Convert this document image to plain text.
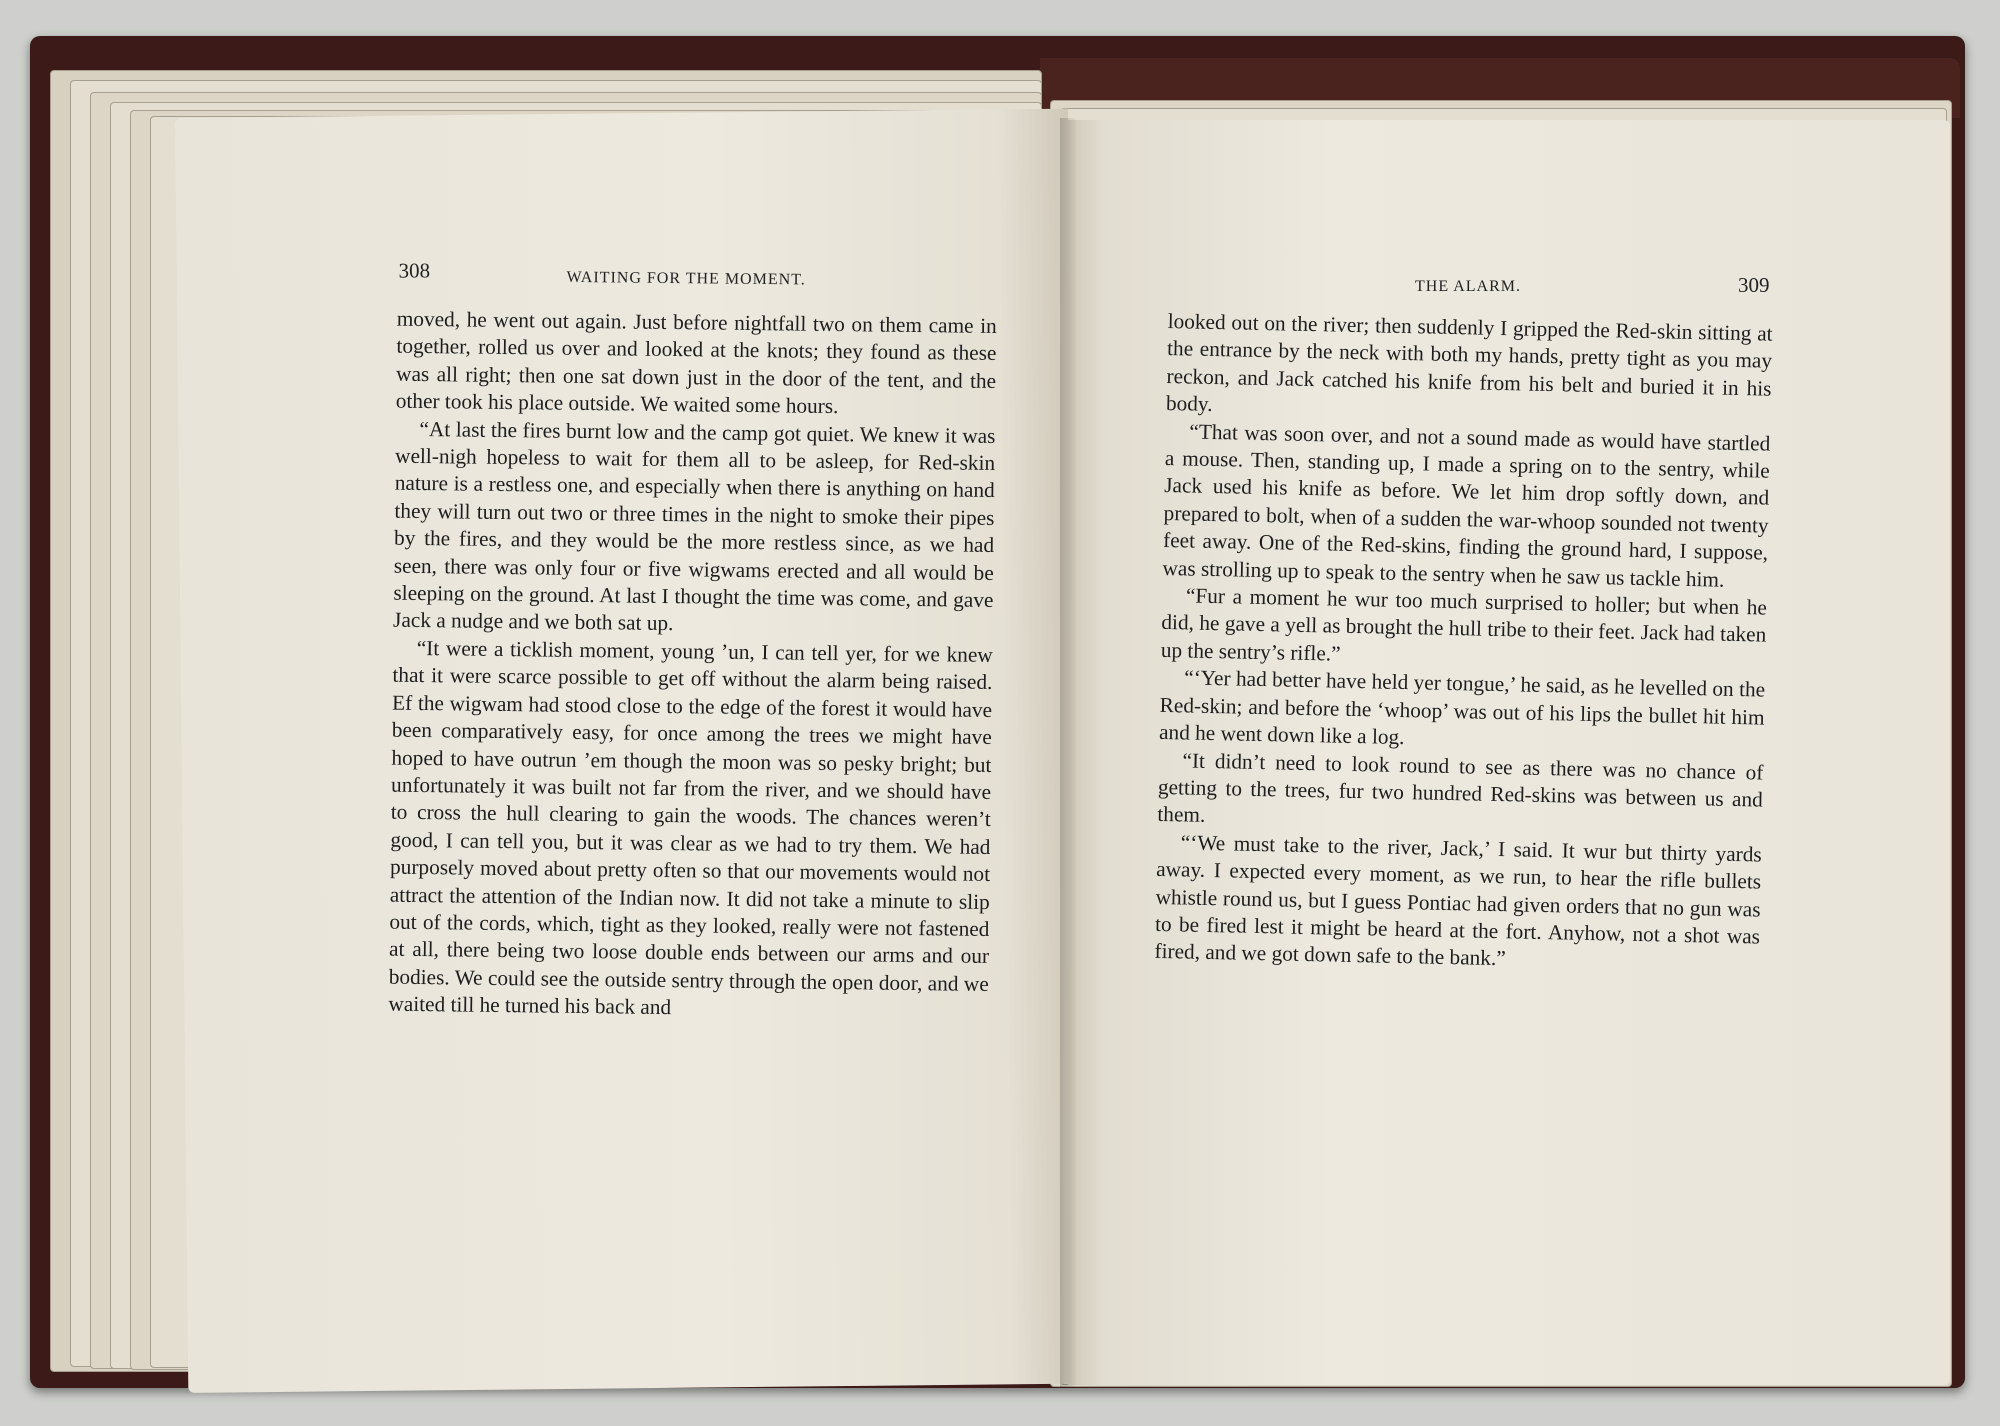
308	WAITING FOR THE MOMENT.

moved, he went out again. Just before nightfall two on them came in together, rolled us over and looked at the knots; they found as these was all right; then one sat down just in the door of the tent, and the other took his place outside. We waited some hours.

“At last the fires burnt low and the camp got quiet. We knew it was well-nigh hopeless to wait for them all to be asleep, for Red-skin nature is a restless one, and especially when there is anything on hand they will turn out two or three times in the night to smoke their pipes by the fires, and they would be the more restless since, as we had seen, there was only four or five wigwams erected and all would be sleeping on the ground. At last I thought the time was come, and gave Jack a nudge and we both sat up.

“It were a ticklish moment, young ’un, I can tell yer, for we knew that it were scarce possible to get off without the alarm being raised. Ef the wigwam had stood close to the edge of the forest it would have been comparatively easy, for once among the trees we might have hoped to have outrun ’em though the moon was so pesky bright; but unfortunately it was built not far from the river, and we should have to cross the hull clearing to gain the woods. The chances weren’t good, I can tell you, but it was clear as we had to try them. We had purposely moved about pretty often so that our movements would not attract the attention of the Indian now. It did not take a minute to slip out of the cords, which, tight as they looked, really were not fastened at all, there being two loose double ends between our arms and our bodies. We could see the outside sentry through the open door, and we waited till he turned his back and

THE ALARM.	309

looked out on the river; then suddenly I gripped the Red-skin sitting at the entrance by the neck with both my hands, pretty tight as you may reckon, and Jack catched his knife from his belt and buried it in his body.

“That was soon over, and not a sound made as would have startled a mouse. Then, standing up, I made a spring on to the sentry, while Jack used his knife as before. We let him drop softly down, and prepared to bolt, when of a sudden the war-whoop sounded not twenty feet away. One of the Red-skins, finding the ground hard, I suppose, was strolling up to speak to the sentry when he saw us tackle him.

“Fur a moment he wur too much surprised to holler; but when he did, he gave a yell as brought the hull tribe to their feet. Jack had taken up the sentry’s rifle.”

“‘Yer had better have held yer tongue,’ he said, as he levelled on the Red-skin; and before the ‘whoop’ was out of his lips the bullet hit him and he went down like a log.

“It didn’t need to look round to see as there was no chance of getting to the trees, fur two hundred Red-skins was between us and them.

“‘We must take to the river, Jack,’ I said. It wur but thirty yards away. I expected every moment, as we run, to hear the rifle bullets whistle round us, but I guess Pontiac had given orders that no gun was to be fired lest it might be heard at the fort. Anyhow, not a shot was fired, and we got down safe to the bank.”
